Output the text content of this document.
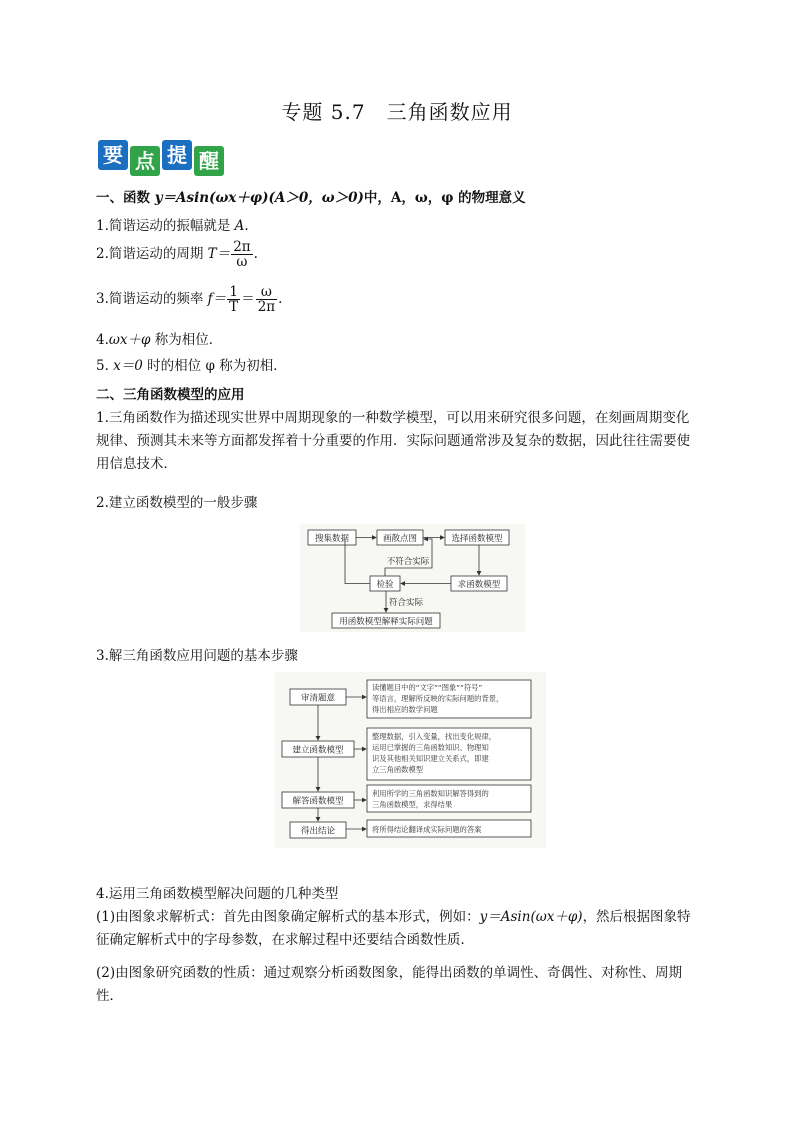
专题 5.7　三角函数应用
要 点 提 醒
一、函数 y＝Asin(ωx＋φ)(A＞0，ω＞0)中，A，ω，φ 的物理意义
1.简谐运动的振幅就是 A.
2.简谐运动的周期 $T= \frac{2\pi}{\omega}$ .
3.简谐运动的频率 $f= \frac{1}{T} = \frac{\omega}{2\pi}$ .
4.ωx＋φ 称为相位．
5. x＝0 时的相位 φ 称为初相．
二、三角函数模型的应用
1.三角函数作为描述现实世界中周期现象的一种数学模型，可以用来研究很多问题，在刻画周期变化规律、预测其未来等方面都发挥着十分重要的作用．实际问题通常涉及复杂的数据，因此往往需要使用信息技术．
2.建立函数模型的一般步骤
搜集数据	画散点图	选择函数模型
求函数模型
检验
不符合实际
符合实际
用函数模型解释实际问题
3.解三角函数应用问题的基本步骤
审清题意
建立函数模型
解答函数模型
得出结论
读懂题目中的“文字”“图象”“符号”
等语言，理解所反映的实际问题的背景，
得出相应的数学问题
整理数据，引入变量，找出变化规律，
运用已掌握的三角函数知识、物理知
识及其他相关知识建立关系式，即建
立三角函数模型
利用所学的三角函数知识解答得到的
三角函数模型，求得结果
将所得结论翻译成实际问题的答案
4.运用三角函数模型解决问题的几种类型
(1)由图象求解析式：首先由图象确定解析式的基本形式，例如：y＝Asin(ωx＋φ)，然后根据图象特征确定解析式中的字母参数，在求解过程中还要结合函数性质．
(2)由图象研究函数的性质：通过观察分析函数图象，能得出函数的单调性、奇偶性、对称性、周期性．
